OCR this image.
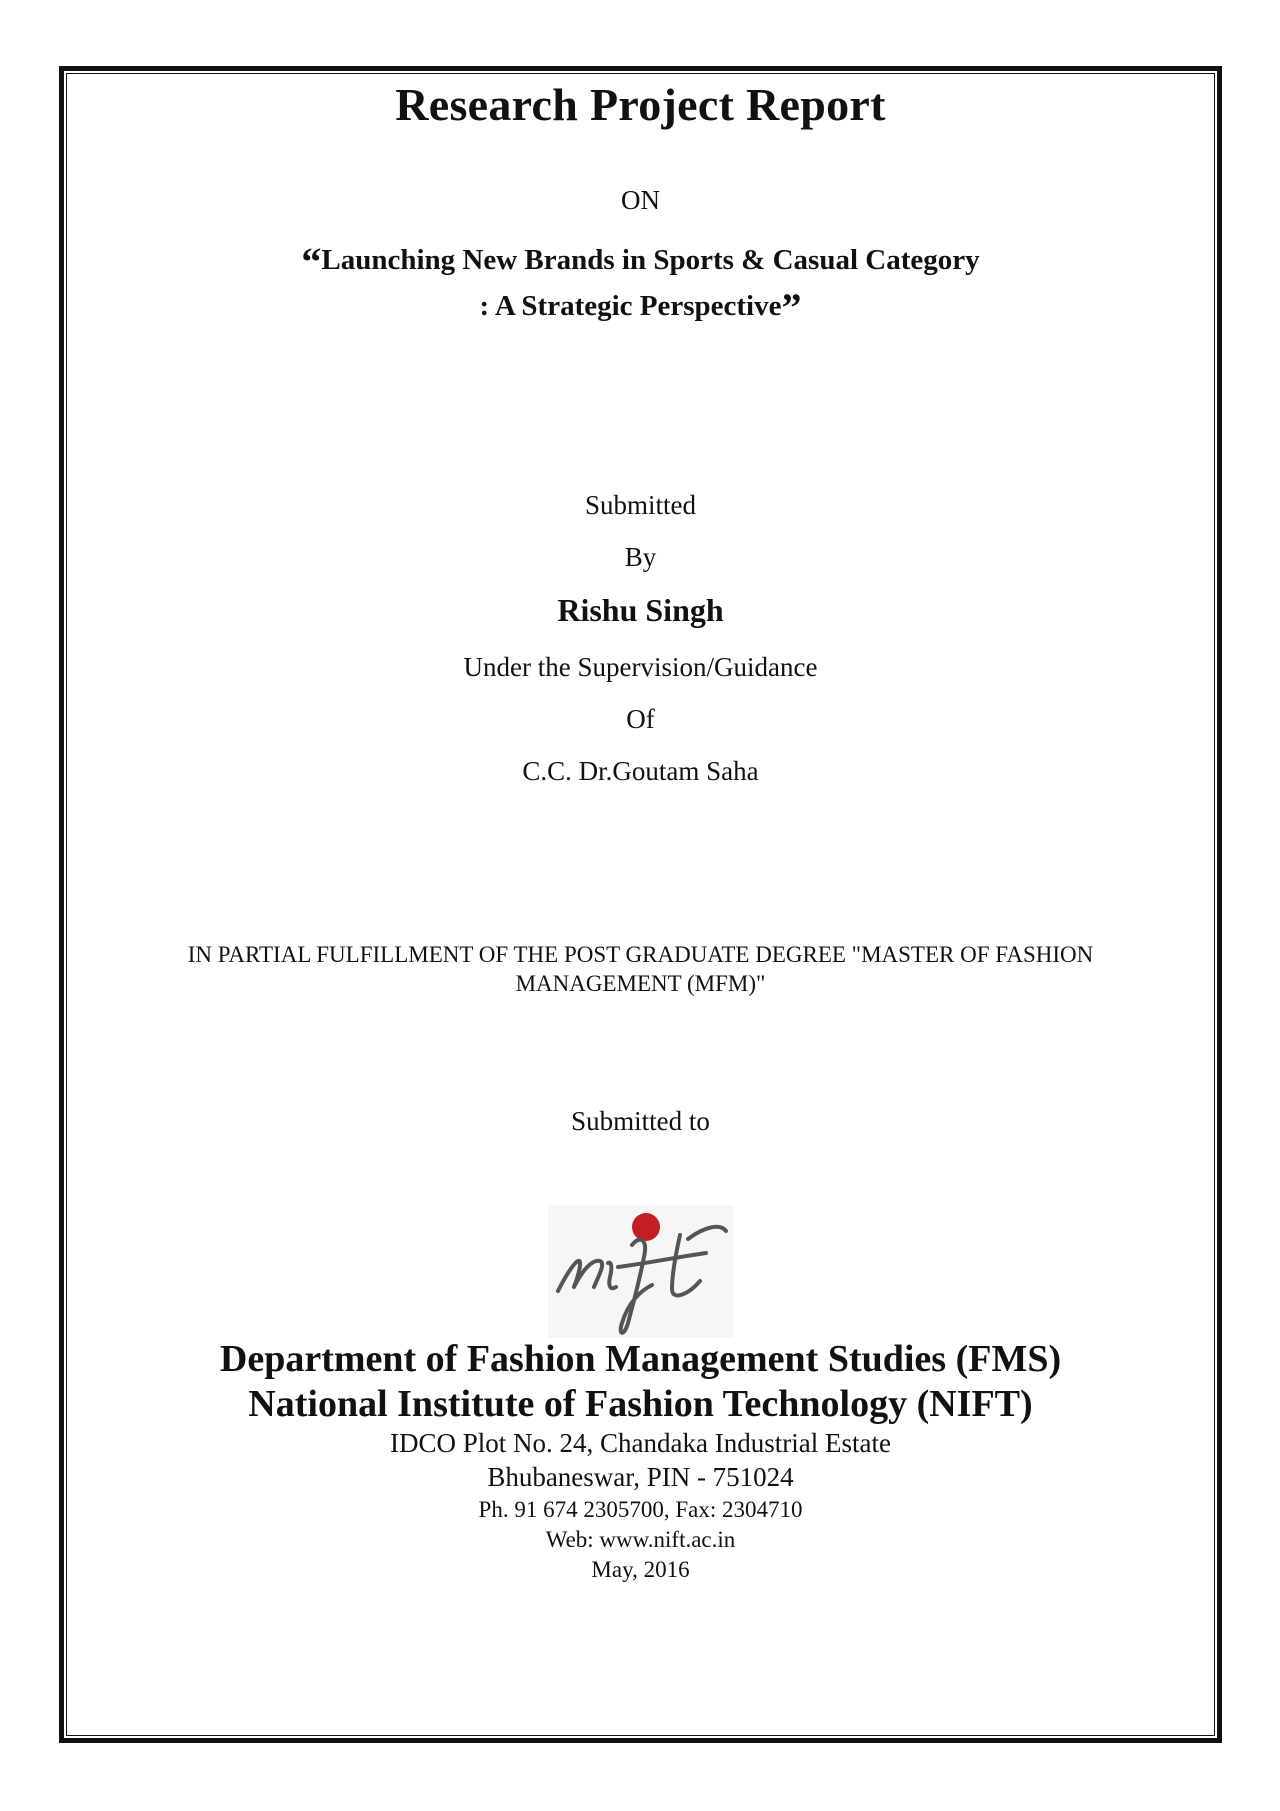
Research Project Report
ON
“Launching New Brands in Sports & Casual Category
: A Strategic Perspective”
Submitted
By
Rishu Singh
Under the Supervision/Guidance
Of
C.C. Dr.Goutam Saha
IN PARTIAL FULFILLMENT OF THE POST GRADUATE DEGREE "MASTER OF FASHION
MANAGEMENT (MFM)"
Submitted to
nift
Department of Fashion Management Studies (FMS)
National Institute of Fashion Technology (NIFT)
IDCO Plot No. 24, Chandaka Industrial Estate
Bhubaneswar, PIN - 751024
Ph. 91 674 2305700, Fax: 2304710
Web: www.nift.ac.in
May, 2016
